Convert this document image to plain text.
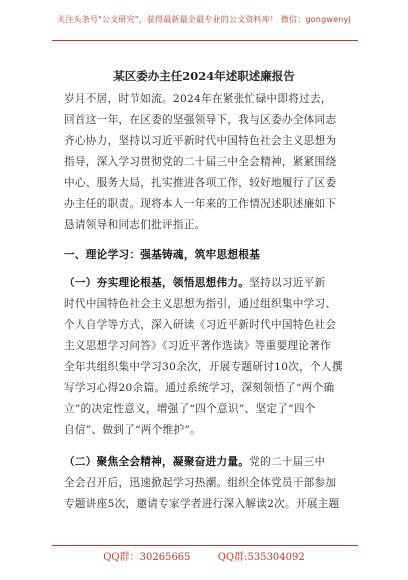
关注头条号"公文研究"，获得最新最全最专业的公文资料库！ 微信：gongwenyj
某区委办主任2024年述职述廉报告
岁月不居，时节如流。2024年在紧张忙碌中即将过去，
回首这一年，在区委的坚强领导下，我与区委办全体同志
齐心协力，坚持以习近平新时代中国特色社会主义思想为
指导，深入学习贯彻党的二十届三中全会精神，紧紧围绕
中心、服务大局，扎实推进各项工作，较好地履行了区委
办主任的职责。现将本人一年来的工作情况述职述廉如下
恳请领导和同志们批评指正。
一、理论学习：强基铸魂，筑牢思想根基
（一）夯实理论根基，领悟思想伟力。坚持以习近平新
时代中国特色社会主义思想为指引，通过组织集中学习、
个人自学等方式，深入研读《习近平新时代中国特色社会
主义思想学习问答》《习近平著作选读》等重要理论著作
全年共组织集中学习30余次，开展专题研讨10次，个人撰
写学习心得20余篇。通过系统学习，深刻领悟了“两个确
立”的决定性意义，增强了“四个意识”、坚定了“四个
自信”、做到了“两个维护”。
（二）聚焦全会精神，凝聚奋进力量。党的二十届三中
全会召开后，迅速掀起学习热潮。组织全体党员干部参加
专题讲座5次，邀请专家学者进行深入解读2次。开展主题
QQ群：30265665	QQ群:535304092
